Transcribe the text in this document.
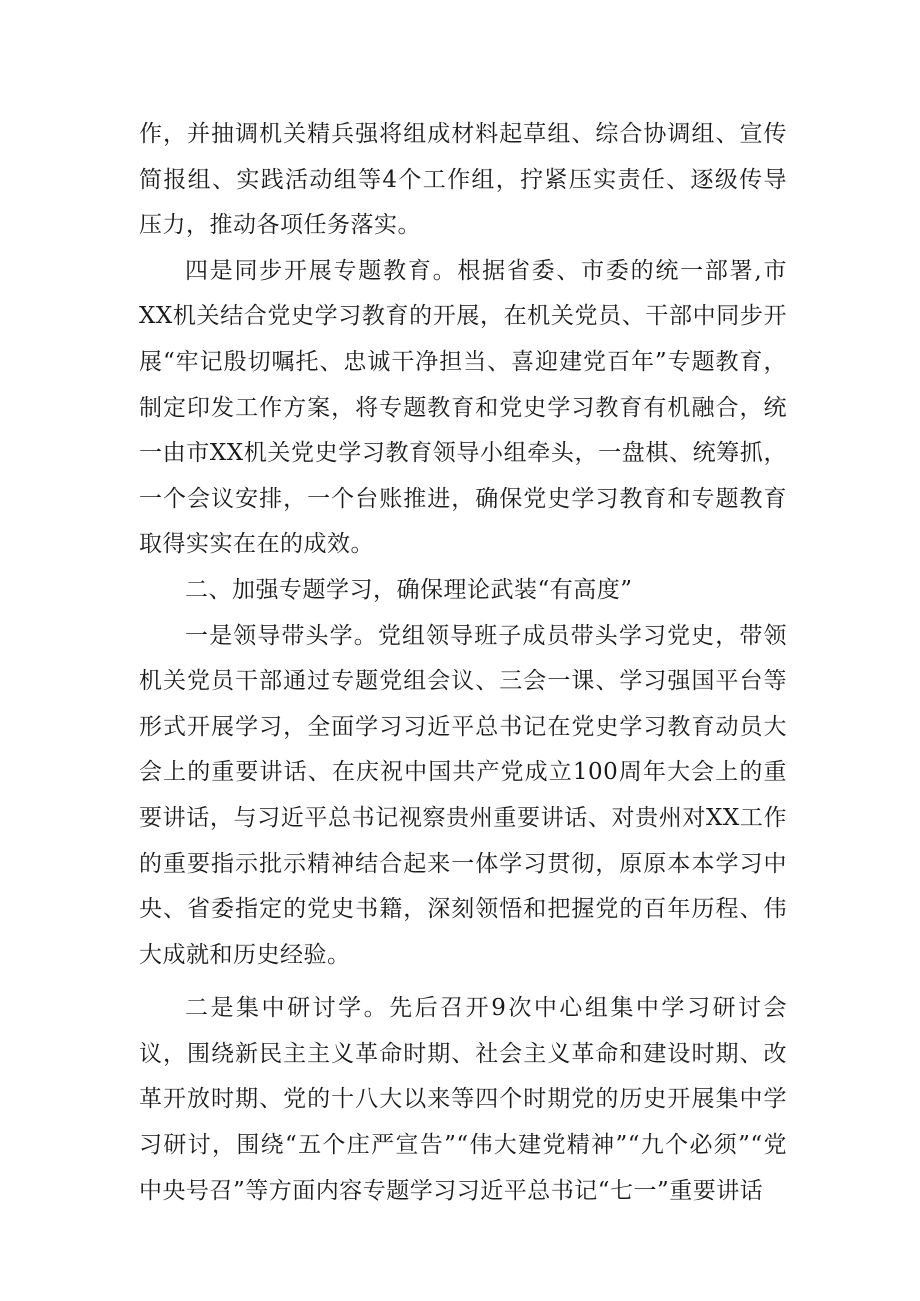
作，并抽调机关精兵强将组成材料起草组、综合协调组、宣传简报组、实践活动组等4个工作组，拧紧压实责任、逐级传导压力，推动各项任务落实。

四是同步开展专题教育。根据省委、市委的统一部署,市XX机关结合党史学习教育的开展，在机关党员、干部中同步开展“牢记殷切嘱托、忠诚干净担当、喜迎建党百年”专题教育，制定印发工作方案，将专题教育和党史学习教育有机融合，统一由市XX机关党史学习教育领导小组牵头，一盘棋、统筹抓，一个会议安排，一个台账推进，确保党史学习教育和专题教育取得实实在在的成效。

二、加强专题学习，确保理论武装“有高度”

一是领导带头学。党组领导班子成员带头学习党史，带领机关党员干部通过专题党组会议、三会一课、学习强国平台等形式开展学习，全面学习习近平总书记在党史学习教育动员大会上的重要讲话、在庆祝中国共产党成立100周年大会上的重要讲话，与习近平总书记视察贵州重要讲话、对贵州对XX工作的重要指示批示精神结合起来一体学习贯彻，原原本本学习中央、省委指定的党史书籍，深刻领悟和把握党的百年历程、伟大成就和历史经验。

二是集中研讨学。先后召开9次中心组集中学习研讨会议，围绕新民主主义革命时期、社会主义革命和建设时期、改革开放时期、党的十八大以来等四个时期党的历史开展集中学习研讨，围绕“五个庄严宣告”“伟大建党精神”“九个必须”“党中央号召”等方面内容专题学习习近平总书记“七一”重要讲话
